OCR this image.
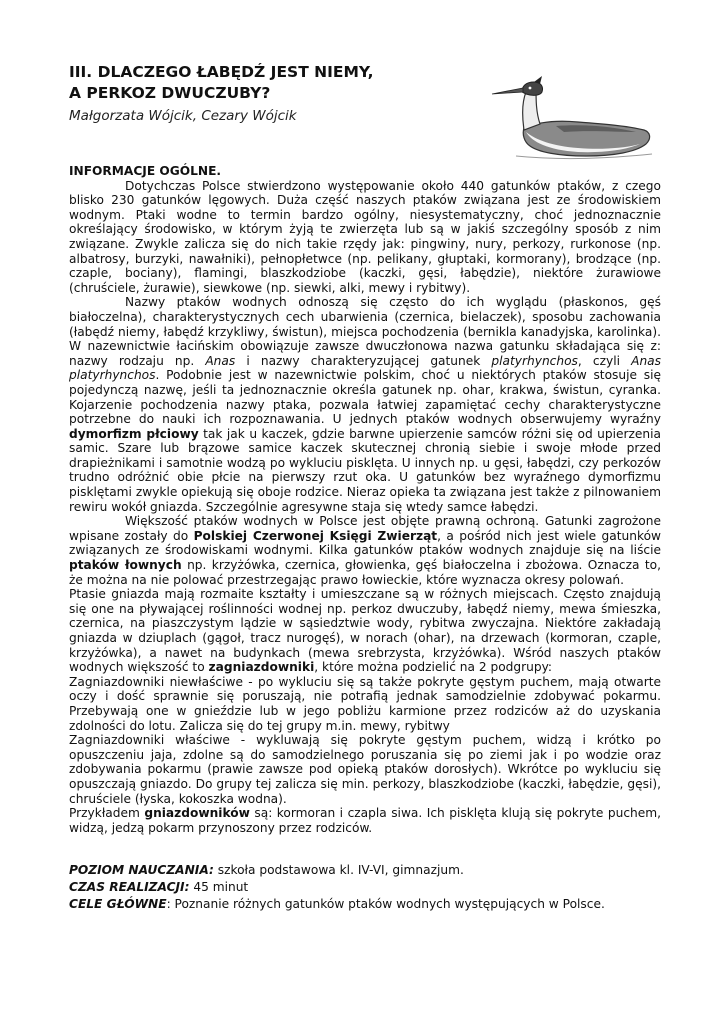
III. DLACZEGO ŁABĘDŹ JEST NIEMY,
A PERKOZ DWUCZUBY?
Małgorzata Wójcik, Cezary Wójcik

INFORMACJE OGÓLNE.

Dotychczas Polsce stwierdzono występowanie około 440 gatunków ptaków, z czego blisko 230 gatunków lęgowych. Duża część naszych ptaków związana jest ze środowiskiem wodnym. Ptaki wodne to termin bardzo ogólny, niesystematyczny, choć jednoznacznie określający środowisko, w którym żyją te zwierzęta lub są w jakiś szczególny sposób z nim związane. Zwykle zalicza się do nich takie rzędy jak: pingwiny, nury, perkozy, rurkonose (np. albatrosy, burzyki, nawałniki), pełnopłetwce (np. pelikany, głuptaki, kormorany), brodzące (np. czaple, bociany), flamingi, blaszkodziobe (kaczki, gęsi, łabędzie), niektóre żurawiowe (chruściele, żurawie), siewkowe (np. siewki, alki, mewy i rybitwy).

Nazwy ptaków wodnych odnoszą się często do ich wyglądu (płaskonos, gęś białoczelna), charakterystycznych cech ubarwienia (czernica, bielaczek), sposobu zachowania (łabędź niemy, łabędź krzykliwy, świstun), miejsca pochodzenia (bernikla kanadyjska, karolinka). W nazewnictwie łacińskim obowiązuje zawsze dwuczłonowa nazwa gatunku składająca się z: nazwy rodzaju np. Anas i nazwy charakteryzującej gatunek platyrhynchos, czyli Anas platyrhynchos. Podobnie jest w nazewnictwie polskim, choć u niektórych ptaków stosuje się pojedynczą nazwę, jeśli ta jednoznacznie określa gatunek np. ohar, krakwa, świstun, cyranka. Kojarzenie pochodzenia nazwy ptaka, pozwala łatwiej zapamiętać cechy charakterystyczne potrzebne do nauki ich rozpoznawania. U jednych ptaków wodnych obserwujemy wyraźny dymorfizm płciowy tak jak u kaczek, gdzie barwne upierzenie samców różni się od upierzenia samic. Szare lub brązowe samice kaczek skutecznej chronią siebie i swoje młode przed drapieżnikami i samotnie wodzą po wykluciu pisklęta. U innych np. u gęsi, łabędzi, czy perkozów trudno odróżnić obie płcie na pierwszy rzut oka. U gatunków bez wyraźnego dymorfizmu pisklętami zwykle opiekują się oboje rodzice. Nieraz opieka ta związana jest także z pilnowaniem rewiru wokół gniazda. Szczególnie agresywne staja się wtedy samce łabędzi.

Większość ptaków wodnych w Polsce jest objęte prawną ochroną. Gatunki zagrożone wpisane zostały do Polskiej Czerwonej Księgi Zwierząt, a pośród nich jest wiele gatunków związanych ze środowiskami wodnymi. Kilka gatunków ptaków wodnych znajduje się na liście ptaków łownych np. krzyżówka, czernica, głowienka, gęś białoczelna i zbożowa. Oznacza to, że można na nie polować przestrzegając prawo łowieckie, które wyznacza okresy polowań.

Ptasie gniazda mają rozmaite kształty i umieszczane są w różnych miejscach. Często znajdują się one na pływającej roślinności wodnej np. perkoz dwuczuby, łabędź niemy, mewa śmieszka, czernica, na piaszczystym lądzie w sąsiedztwie wody, rybitwa zwyczajna. Niektóre zakładają gniazda w dziuplach (gągoł, tracz nurogęś), w norach (ohar), na drzewach (kormoran, czaple, krzyżówka), a nawet na budynkach (mewa srebrzysta, krzyżówka). Wśród naszych ptaków wodnych większość to zagniazdowniki, które można podzielić na 2 podgrupy:

Zagniazdowniki niewłaściwe - po wykluciu się są także pokryte gęstym puchem, mają otwarte oczy i dość sprawnie się poruszają, nie potrafią jednak samodzielnie zdobywać pokarmu. Przebywają one w gnieździe lub w jego pobliżu karmione przez rodziców aż do uzyskania zdolności do lotu. Zalicza się do tej grupy m.in. mewy, rybitwy

Zagniazdowniki właściwe - wykluwają się pokryte gęstym puchem, widzą i krótko po opuszczeniu jaja, zdolne są do samodzielnego poruszania się po ziemi jak i po wodzie oraz zdobywania pokarmu (prawie zawsze pod opieką ptaków dorosłych). Wkrótce po wykluciu się opuszczają gniazdo. Do grupy tej zalicza się min. perkozy, blaszkodziobe (kaczki, łabędzie, gęsi), chruściele (łyska, kokoszka wodna).

Przykładem gniazdowników są: kormoran i czapla siwa. Ich pisklęta klują się pokryte puchem, widzą, jedzą pokarm przynoszony przez rodziców.

POZIOM NAUCZANIA: szkoła podstawowa kl. IV-VI, gimnazjum.

CZAS REALIZACJI: 45 minut

CELE GŁÓWNE: Poznanie różnych gatunków ptaków wodnych występujących w Polsce.
